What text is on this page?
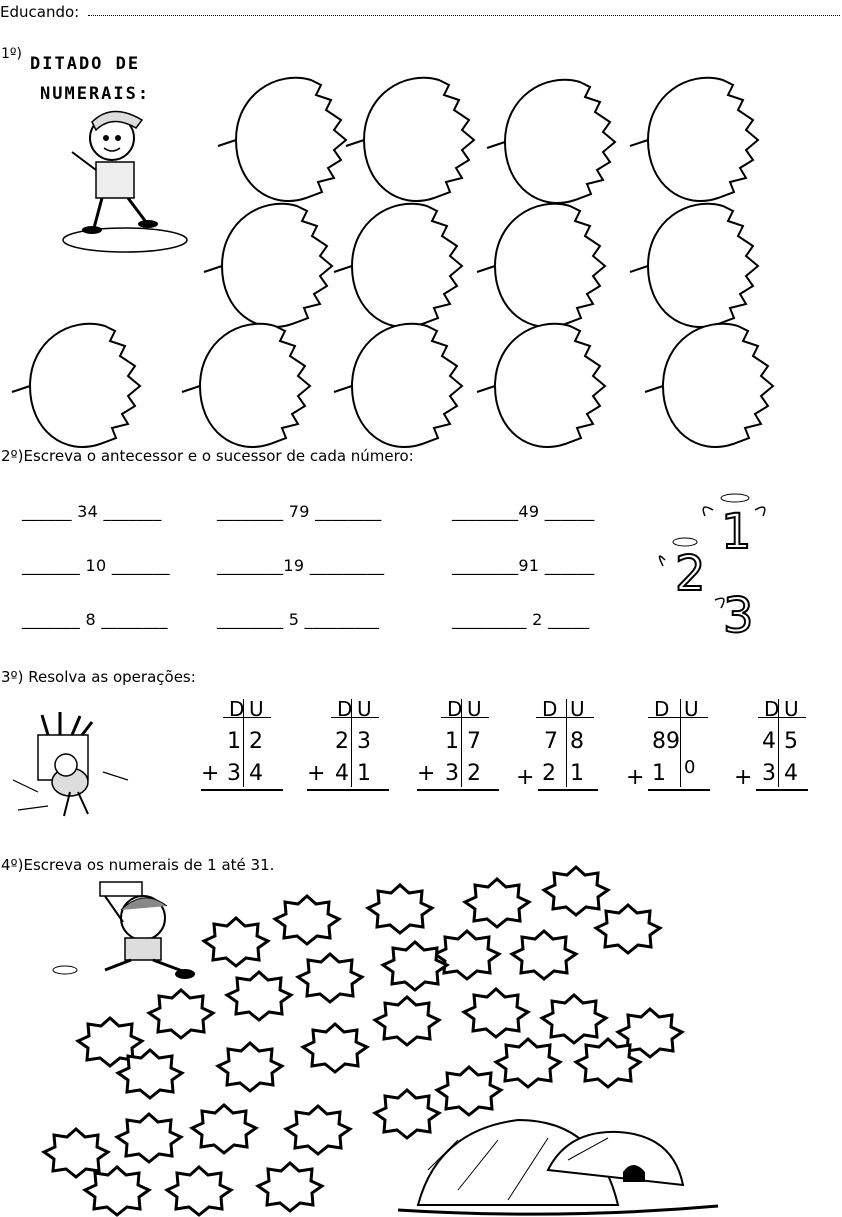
Educando:
1º) DITADO DE
NUMERAIS:
2º)Escreva o antecessor e o sucessor de cada número:
______ 34 _______	________ 79 ________	________49 ______
_______ 10 _______	________19 _________	________91 ______
_______ 8 ________	________ 5 _________	_________ 2 _____
1
2
3
3º) Resolva as operações:
D U
1 2
+ 3 4
D U
2 3
+ 4 1
D U
1 7
+ 3 2
D U
7 8
+ 2 1
D U
8 9
+ 1 0
D U
4 5
+ 3 4
4º)Escreva os numerais de 1 até 31.
